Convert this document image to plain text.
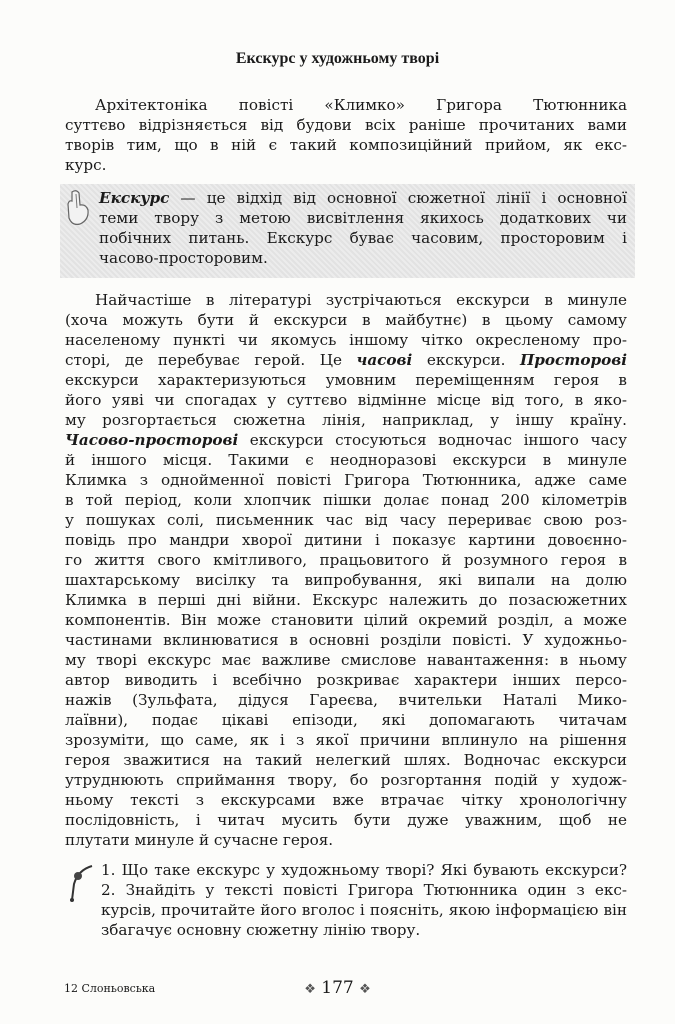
Екскурс у художньому творі
Архітектоніка повісті «Климко» Григора Тютюнника
суттєво відрізняється від будови всіх раніше прочитаних вами
творів тим, що в ній є такий композиційний прийом, як екс-
курс.
Екскурс — це відхід від основної сюжетної лінії і основної
теми твору з метою висвітлення якихось додаткових чи
побічних питань. Екскурс буває часовим, просторовим і
часово-просторовим.
Найчастіше в літературі зустрічаються екскурси в минуле
(хоча можуть бути й екскурси в майбутнє) в цьому самому
населеному пункті чи якомусь іншому чітко окресленому про-
сторі, де перебуває герой. Це часові екскурси. Просторові
екскурси характеризуються умовним переміщенням героя в
його уяві чи спогадах у суттєво відмінне місце від того, в яко-
му розгортається сюжетна лінія, наприклад, у іншу країну.
Часово-просторові екскурси стосуються водночас іншого часу
й іншого місця. Такими є неодноразові екскурси в минуле
Климка з однойменної повісті Григора Тютюнника, адже саме
в той період, коли хлопчик пішки долає понад 200 кілометрів
у пошуках солі, письменник час від часу перериває свою роз-
повідь про мандри хворої дитини і показує картини довоєнно-
го життя свого кмітливого, працьовитого й розумного героя в
шахтарському висілку та випробування, які випали на долю
Климка в перші дні війни. Екскурс належить до позасюжетних
компонентів. Він може становити цілий окремий розділ, а може
частинами вклинюватися в основні розділи повісті. У художньо-
му творі екскурс має важливе смислове навантаження: в ньому
автор виводить і всебічно розкриває характери інших персо-
нажів (Зульфата, дідуся Гареєва, вчительки Наталі Мико-
лаївни), подає цікаві епізоди, які допомагають читачам
зрозуміти, що саме, як і з якої причини вплинуло на рішення
героя зважитися на такий нелегкий шлях. Водночас екскурси
утруднюють сприймання твору, бо розгортання подій у худож-
ньому тексті з екскурсами вже втрачає чітку хронологічну
послідовність, і читач мусить бути дуже уважним, щоб не
плутати минуле й сучасне героя.
1. Що таке екскурс у художньому творі? Які бувають екскурси?
2. Знайдіть у тексті повісті Григора Тютюнника один з екс-
курсів, прочитайте його вголос і поясніть, якою інформацією він
збагачує основну сюжетну лінію твору.
12 Слоньовська	❖ 177 ❖
